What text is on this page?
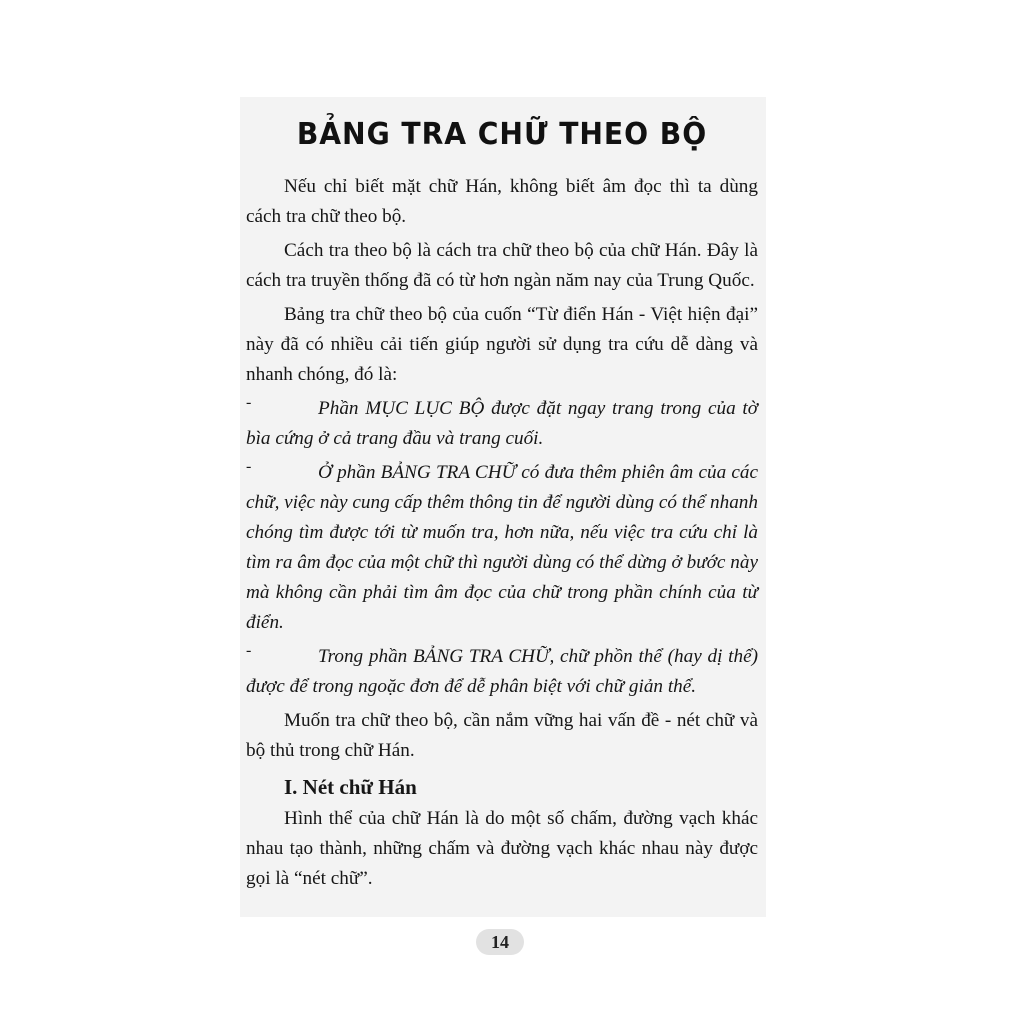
BẢNG TRA CHỮ THEO BỘ

Nếu chỉ biết mặt chữ Hán, không biết âm đọc thì ta dùng cách tra chữ theo bộ.

Cách tra theo bộ là cách tra chữ theo bộ của chữ Hán. Đây là cách tra truyền thống đã có từ hơn ngàn năm nay của Trung Quốc.

Bảng tra chữ theo bộ của cuốn “Từ điển Hán - Việt hiện đại” này đã có nhiều cải tiến giúp người sử dụng tra cứu dễ dàng và nhanh chóng, đó là:

-	Phần MỤC LỤC BỘ được đặt ngay trang trong của tờ bìa cứng ở cả trang đầu và trang cuối.

-	Ở phần BẢNG TRA CHỮ có đưa thêm phiên âm của các chữ, việc này cung cấp thêm thông tin để người dùng có thể nhanh chóng tìm được tới từ muốn tra, hơn nữa, nếu việc tra cứu chỉ là tìm ra âm đọc của một chữ thì người dùng có thể dừng ở bước này mà không cần phải tìm âm đọc của chữ trong phần chính của từ điển.

-	Trong phần BẢNG TRA CHỮ, chữ phồn thể (hay dị thể) được để trong ngoặc đơn để dễ phân biệt với chữ giản thể.

Muốn tra chữ theo bộ, cần nắm vững hai vấn đề - nét chữ và bộ thủ trong chữ Hán.

I. Nét chữ Hán

Hình thể của chữ Hán là do một số chấm, đường vạch khác nhau tạo thành, những chấm và đường vạch khác nhau này được gọi là “nét chữ”.

14
